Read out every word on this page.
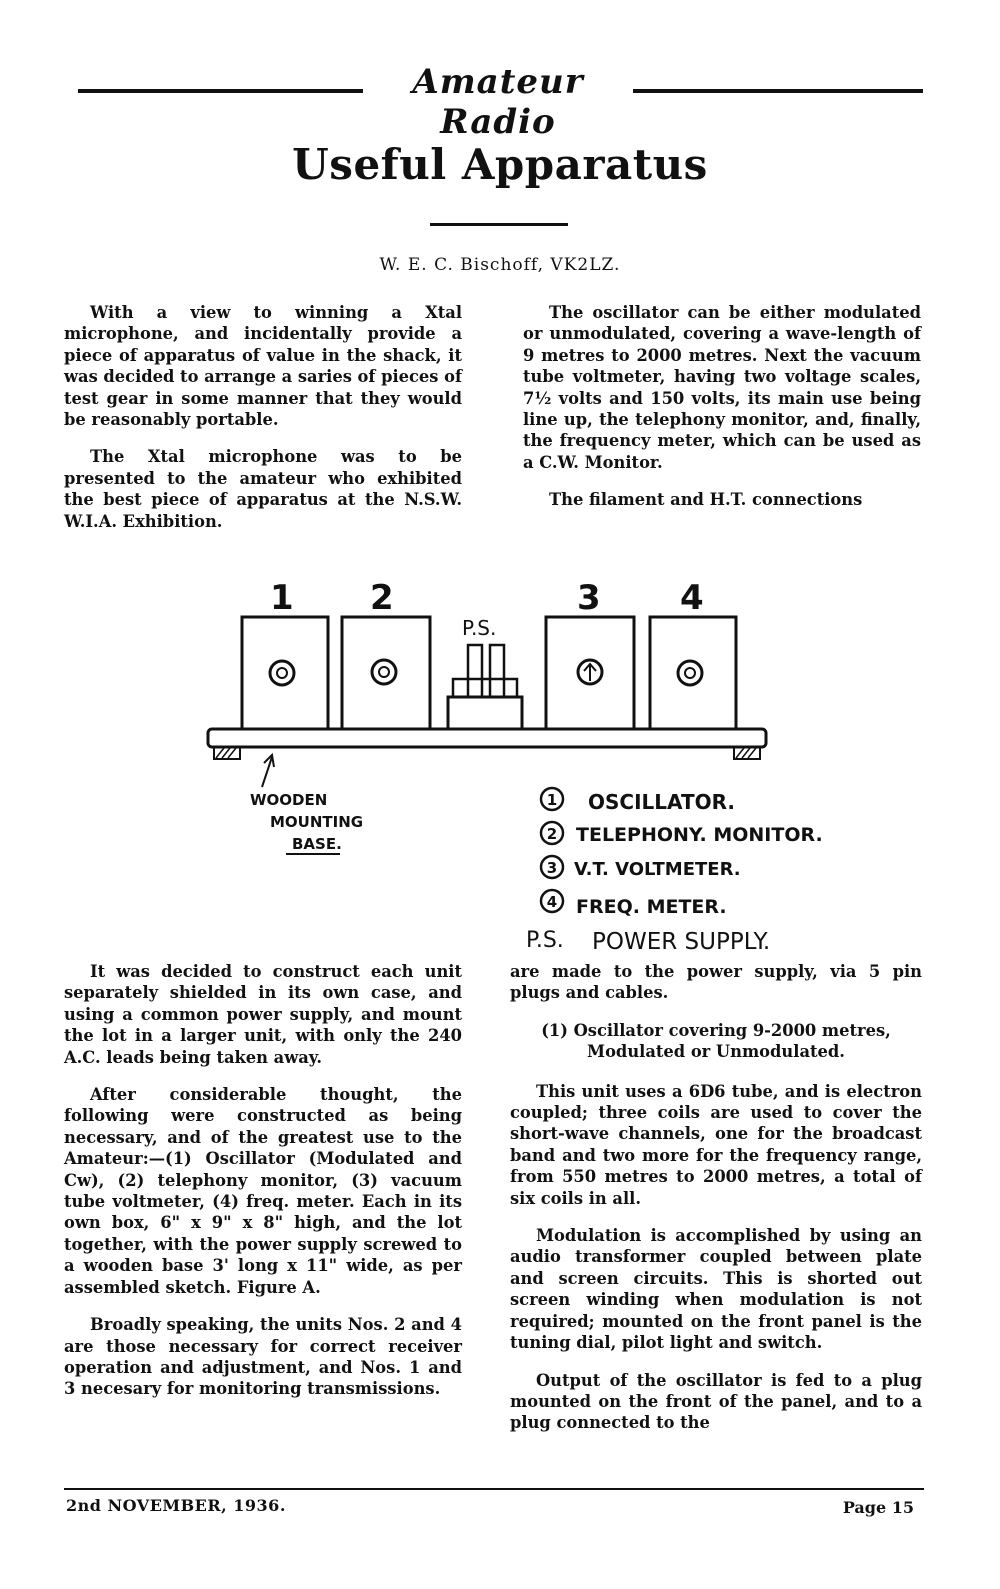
Amateur Radio
Useful Apparatus
W. E. C. Bischoff, VK2LZ.

With a view to winning a Xtal microphone, and incidentally provide a piece of apparatus of value in the shack, it was decided to arrange a saries of pieces of test gear in some manner that they would be reasonably portable.

The Xtal microphone was to be presented to the amateur who exhibited the best piece of apparatus at the N.S.W. W.I.A. Exhibition.

The oscillator can be either modulated or unmodulated, covering a wave-length of 9 metres to 2000 metres. Next the vacuum tube voltmeter, having two voltage scales, 7½ volts and 150 volts, its main use being line up, the telephony monitor, and, finally, the frequency meter, which can be used as a C.W. Monitor.

The filament and H.T. connections

1 2	3 4
P.S.
WOODEN
MOUNTING
BASE.
1 OSCILLATOR.
2 TELEPHONY. MONITOR.
3 V.T. VOLTMETER.
4 FREQ. METER.
P.S. POWER SUPPLY.

It was decided to construct each unit separately shielded in its own case, and using a common power supply, and mount the lot in a larger unit, with only the 240 A.C. leads being taken away.

After considerable thought, the following were constructed as being necessary, and of the greatest use to the Amateur:—(1) Oscillator (Modulated and Cw), (2) telephony monitor, (3) vacuum tube voltmeter, (4) freq. meter. Each in its own box, 6" x 9" x 8" high, and the lot together, with the power supply screwed to a wooden base 3' long x 11" wide, as per assembled sketch. Figure A.

Broadly speaking, the units Nos. 2 and 4 are those necessary for correct receiver operation and adjustment, and Nos. 1 and 3 necesary for monitoring transmissions.

are made to the power supply, via 5 pin plugs and cables.

(1) Oscillator covering 9-2000 metres,
Modulated or Unmodulated.

This unit uses a 6D6 tube, and is electron coupled; three coils are used to cover the short-wave channels, one for the broadcast band and two more for the frequency range, from 550 metres to 2000 metres, a total of six coils in all.

Modulation is accomplished by using an audio transformer coupled between plate and screen circuits. This is shorted out screen winding when modulation is not required; mounted on the front panel is the tuning dial, pilot light and switch.

Output of the oscillator is fed to a plug mounted on the front of the panel, and to a plug connected to the

2nd NOVEMBER, 1936.	Page 15
